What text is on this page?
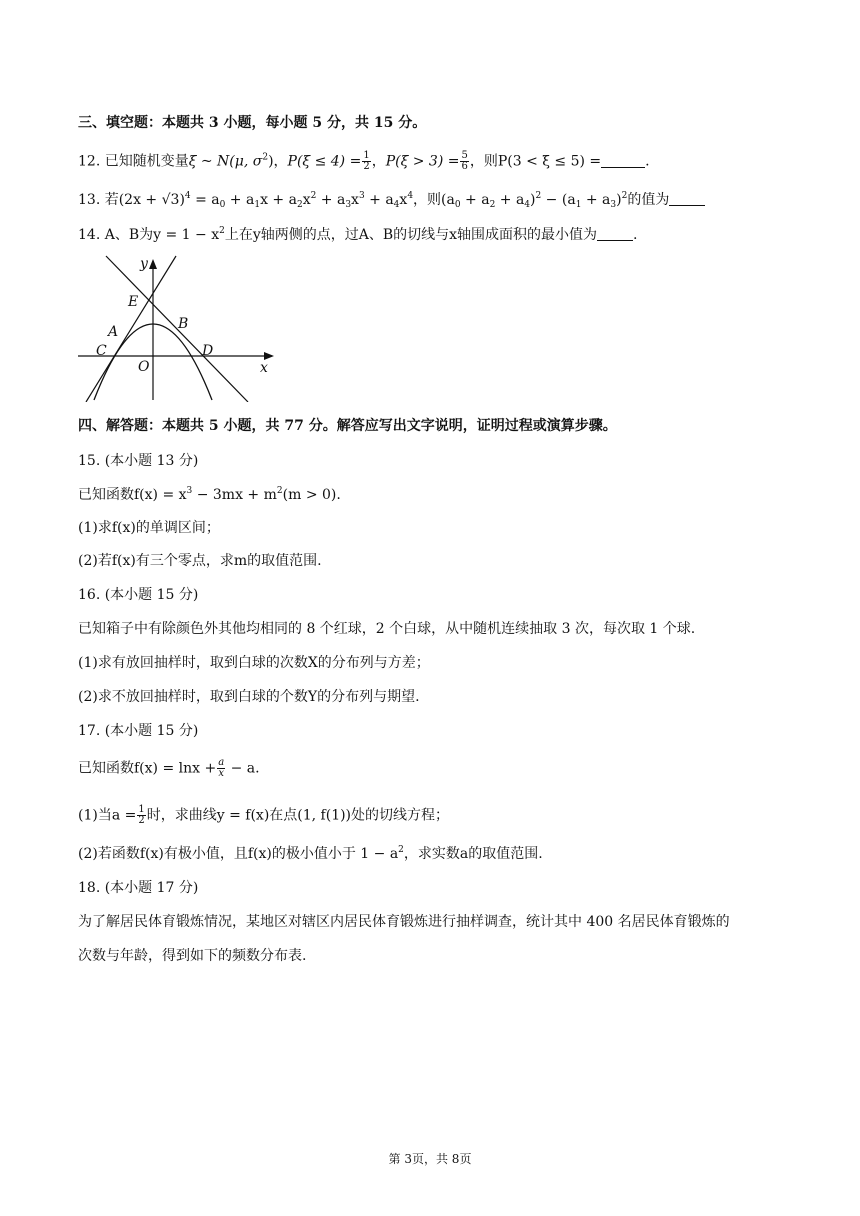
三、填空题：本题共 3 小题，每小题 5 分，共 15 分。
12. 已知随机变量ξ ~ N(μ, $\sigma^2$)，$P(\xi \le 4) = \frac{1}{2}$ ，$P(\xi > 3) = \frac{5}{6}$ ，则P(3 < ξ ≤ 5) =	.
13. 若$(2x + √3)^4 = a_0 + a_1x + a_2x^2 + a_3x^3 + a_4x^4$，则$(a_0 + a_2 + a_4)^2 - (a_1 + a_3)^2$的值为
14. A、B为$y = 1 - x^2$上在y轴两侧的点，过A、B的切线与x轴围成面积的最小值为	.
y
x
E
A	B
C
O
D
四、解答题：本题共 5 小题，共 77 分。解答应写出文字说明，证明过程或演算步骤。
15. (本小题 13 分)
已知函数$f(x) = x^3 - 3mx + m^2(m > 0)$.
(1)求f(x)的单调区间；
(2)若f(x)有三个零点，求m的取值范围.
16. (本小题 15 分)
已知箱子中有除颜色外其他均相同的 8 个红球，2 个白球，从中随机连续抽取 3 次，每次取 1 个球.
(1)求有放回抽样时，取到白球的次数X的分布列与方差；
(2)求不放回抽样时，取到白球的个数Y的分布列与期望.
17. (本小题 15 分)
已知函数$f(x) = \ln x + \frac{a}{x} - a$.
(1)当$a = \frac{1}{2}$ 时，求曲线y = f(x)在点(1, f(1))处的切线方程；
(2)若函数f(x)有极小值，且f(x)的极小值小于 $1 - a^2$，求实数a的取值范围.
18. (本小题 17 分)
为了解居民体育锻炼情况，某地区对辖区内居民体育锻炼进行抽样调查，统计其中 400 名居民体育锻炼的
次数与年龄，得到如下的频数分布表.
第 3页，共 8页
